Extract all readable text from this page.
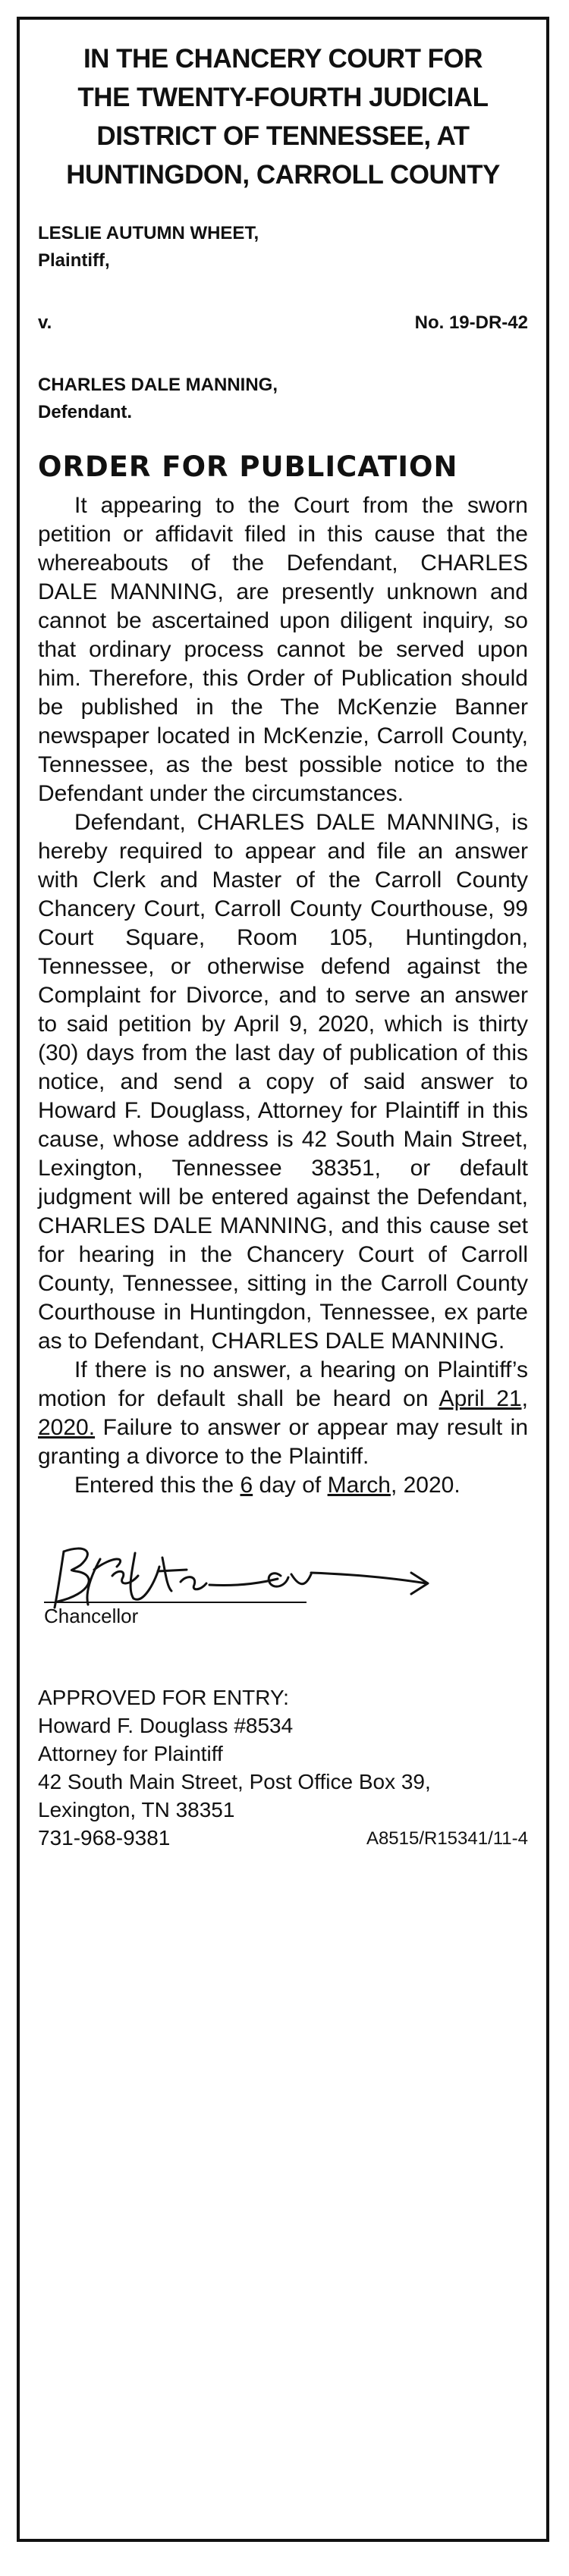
IN THE CHANCERY COURT FOR
THE TWENTY-FOURTH JUDICIAL
DISTRICT OF TENNESSEE, AT
HUNTINGDON, CARROLL COUNTY
LESLIE AUTUMN WHEET,
Plaintiff,
v.	No. 19-DR-42
CHARLES DALE MANNING,
Defendant.
ORDER FOR PUBLICATION

It appearing to the Court from the sworn petition or affidavit filed in this cause that the whereabouts of the Defendant, CHARLES DALE MANNING, are presently unknown and cannot be ascertained upon diligent inquiry, so that ordinary process cannot be served upon him. Therefore, this Order of Publication should be published in the The McKenzie Banner newspaper located in McKenzie, Carroll County, Tennessee, as the best possible notice to the Defendant under the circumstances.

Defendant, CHARLES DALE MANNING, is hereby required to appear and file an answer with Clerk and Master of the Carroll County Chancery Court, Carroll County Courthouse, 99 Court Square, Room 105, Huntingdon, Tennessee, or otherwise defend against the Complaint for Divorce, and to serve an answer to said petition by April 9, 2020, which is thirty (30) days from the last day of publication of this notice, and send a copy of said answer to Howard F. Douglass, Attorney for Plaintiff in this cause, whose address is 42 South Main Street, Lexington, Tennessee 38351, or default judgment will be entered against the Defendant, CHARLES DALE MANNING, and this cause set for hearing in the Chancery Court of Carroll County, Tennessee, sitting in the Carroll County Courthouse in Huntingdon, Tennessee, ex parte as to Defendant, CHARLES DALE MANNING.

If there is no answer, a hearing on Plaintiff’s motion for default shall be heard on April 21, 2020. Failure to answer or appear may result in granting a divorce to the Plaintiff.

Entered this the 6 day of March, 2020.

Chancellor
APPROVED FOR ENTRY:
Howard F. Douglass #8534
Attorney for Plaintiff
42 South Main Street, Post Office Box 39,
Lexington, TN 38351
731-968-9381	A8515/R15341/11-4
